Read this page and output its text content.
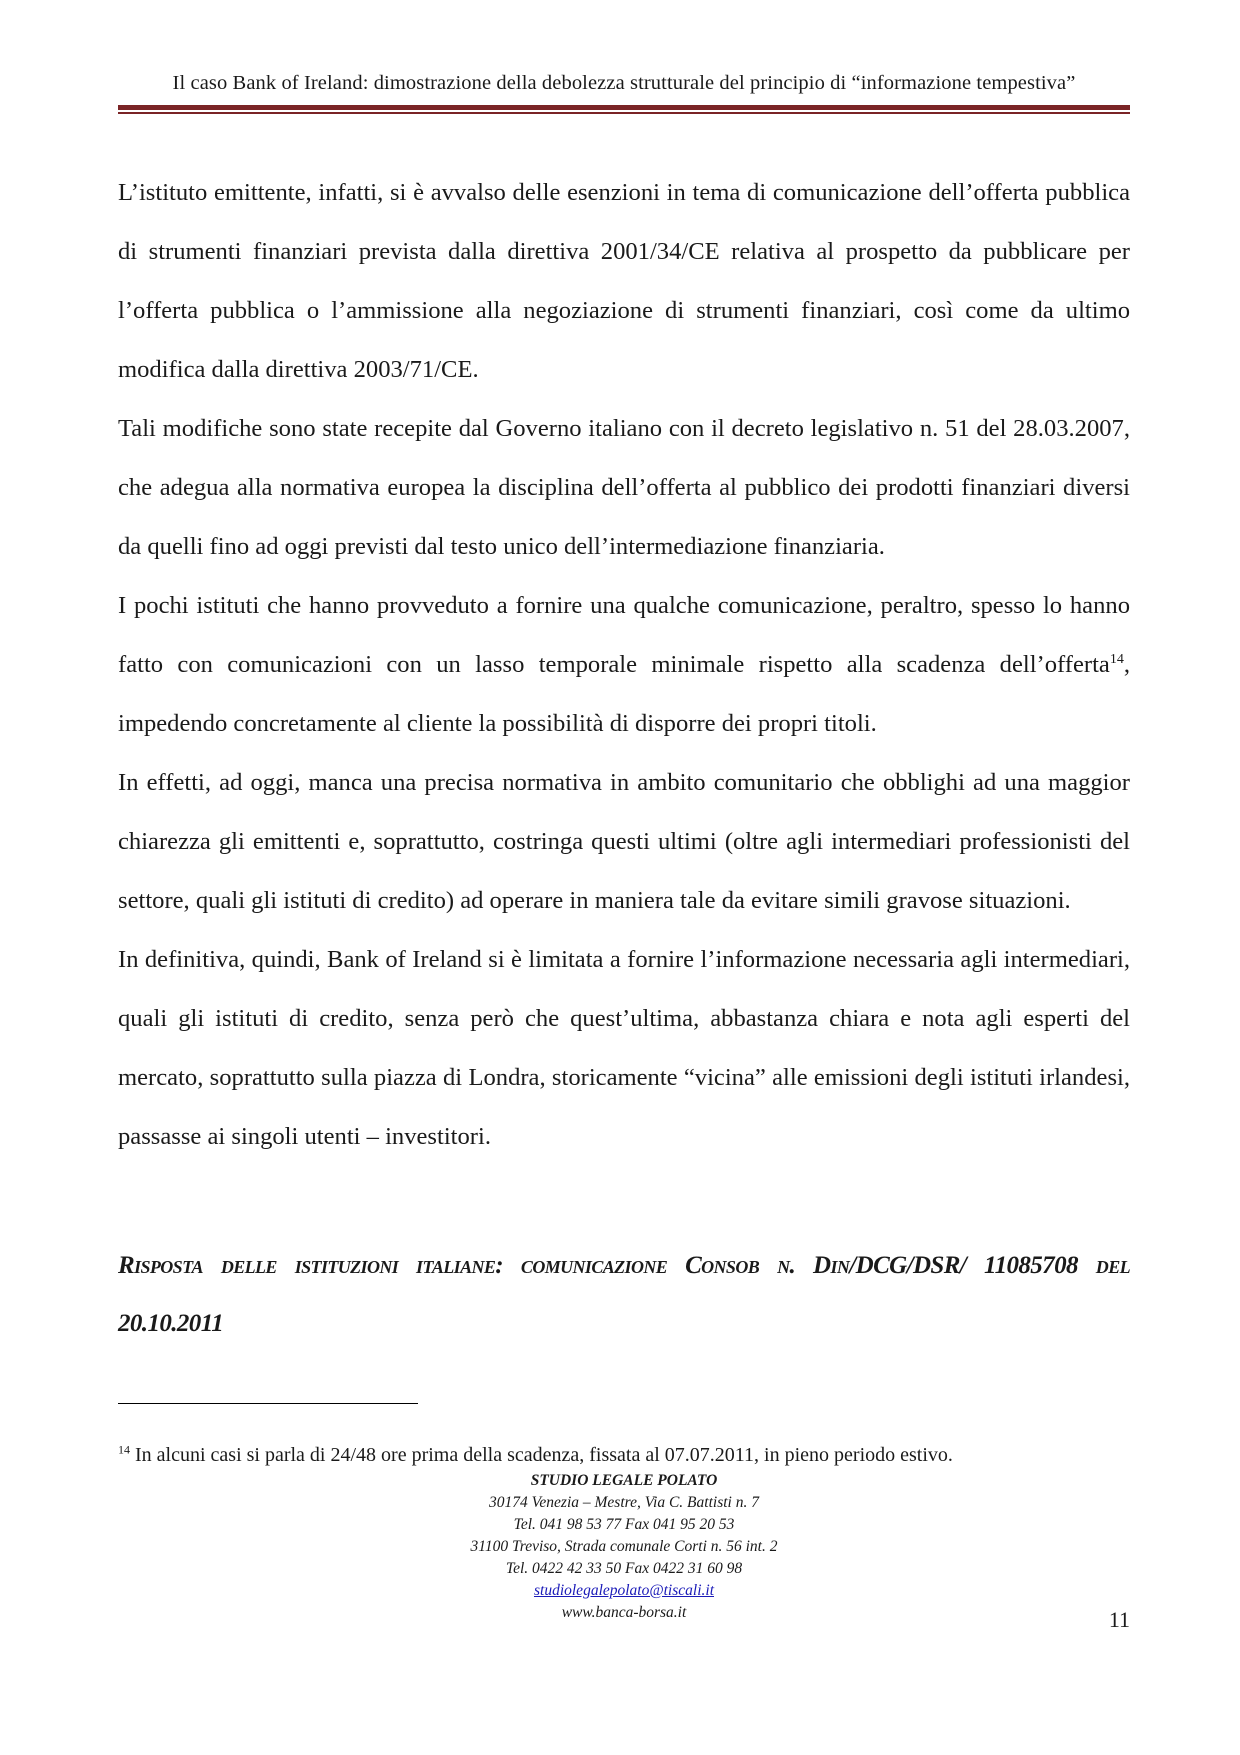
Il caso Bank of Ireland: dimostrazione della debolezza strutturale del principio di “informazione tempestiva”

L’istituto emittente, infatti, si è avvalso delle esenzioni in tema di comunicazione dell’offerta pubblica di strumenti finanziari prevista dalla direttiva 2001/34/CE relativa al prospetto da pubblicare per l’offerta pubblica o l’ammissione alla negoziazione di strumenti finanziari, così come da ultimo modifica dalla direttiva 2003/71/CE.

Tali modifiche sono state recepite dal Governo italiano con il decreto legislativo n. 51 del 28.03.2007, che adegua alla normativa europea la disciplina dell’offerta al pubblico dei prodotti finanziari diversi da quelli fino ad oggi previsti dal testo unico dell’intermediazione finanziaria.

I pochi istituti che hanno provveduto a fornire una qualche comunicazione, peraltro, spesso lo hanno fatto con comunicazioni con un lasso temporale minimale rispetto alla scadenza dell’offerta$^{14}$, impedendo concretamente al cliente la possibilità di disporre dei propri titoli.

In effetti, ad oggi, manca una precisa normativa in ambito comunitario che obblighi ad una maggior chiarezza gli emittenti e, soprattutto, costringa questi ultimi (oltre agli intermediari professionisti del settore, quali gli istituti di credito) ad operare in maniera tale da evitare simili gravose situazioni.

In definitiva, quindi, Bank of Ireland si è limitata a fornire l’informazione necessaria agli intermediari, quali gli istituti di credito, senza però che quest’ultima, abbastanza chiara e nota agli esperti del mercato, soprattutto sulla piazza di Londra, storicamente “vicina” alle emissioni degli istituti irlandesi, passasse ai singoli utenti – investitori.

Risposta delle istituzioni italiane: comunicazione Consob n. Din/DCG/DSR/ 11085708 del 20.10.2011
$^{14}$ In alcuni casi si parla di 24/48 ore prima della scadenza, fissata al 07.07.2011, in pieno periodo estivo.
STUDIO LEGALE POLATO
30174 Venezia – Mestre, Via C. Battisti n. 7
Tel. 041 98 53 77 Fax 041 95 20 53
31100 Treviso, Strada comunale Corti n. 56 int. 2
Tel. 0422 42 33 50 Fax 0422 31 60 98
studiolegalepolato@tiscali.it
www.banca-borsa.it	11
